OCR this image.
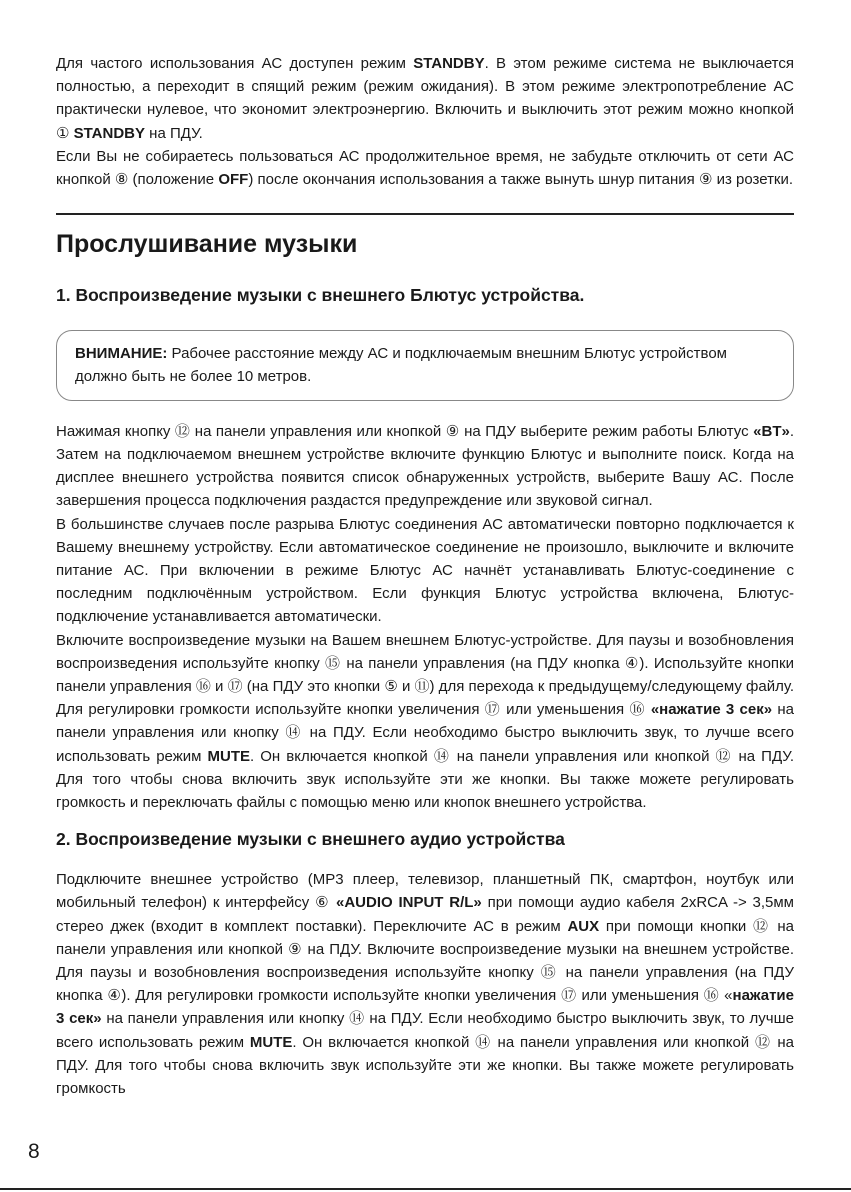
Для частого использования АС доступен режим STANDBY. В этом режиме система не выключается полностью, а переходит в спящий режим (режим ожидания). В этом режиме электропотребление АС практически нулевое, что экономит электроэнергию. Включить и выключить этот режим можно кнопкой ① STANDBY на ПДУ.

Если Вы не собираетесь пользоваться АС продолжительное время, не забудьте отключить от сети АС кнопкой ⑧ (положение OFF) после окончания использования а также вынуть шнур питания ⑨ из розетки.

Прослушивание музыки
1. Воспроизведение музыки с внешнего Блютус устройства.
ВНИМАНИЕ: Рабочее расстояние между АС и подключаемым внешним Блютус устройством должно быть не более 10 метров.

Нажимая кнопку ⑫ на панели управления или кнопкой ⑨ на ПДУ выберите режим работы Блютус «BT». Затем на подключаемом внешнем устройстве включите функцию Блютус и выполните поиск. Когда на дисплее внешнего устройства появится список обнаруженных устройств, выберите Вашу АС. После завершения процесса подключения раздастся предупреждение или звуковой сигнал.

В большинстве случаев после разрыва Блютус соединения АС автоматически повторно подключается к Вашему внешнему устройству. Если автоматическое соединение не произошло, выключите и включите питание АС. При включении в режиме Блютус АС начнёт устанавливать Блютус-соединение с последним подключённым устройством. Если функция Блютус устройства включена, Блютус-подключение устанавливается автоматически.

Включите воспроизведение музыки на Вашем внешнем Блютус-устройстве. Для паузы и возобновления воспроизведения используйте кнопку ⑮ на панели управления (на ПДУ кнопка ④). Используйте кнопки панели управления ⑯ и ⑰ (на ПДУ это кнопки ⑤ и ⑪) для перехода к предыдущему/следующему файлу. Для регулировки громкости используйте кнопки увеличения ⑰ или уменьшения ⑯ «нажатие 3 сек» на панели управления или кнопку ⑭ на ПДУ. Если необходимо быстро выключить звук, то лучше всего использовать режим MUTE. Он включается кнопкой ⑭ на панели управления или кнопкой ⑫ на ПДУ. Для того чтобы снова включить звук используйте эти же кнопки. Вы также можете регулировать громкость и переключать файлы с помощью меню или кнопок внешнего устройства.

2. Воспроизведение музыки с внешнего аудио устройства

Подключите внешнее устройство (MP3 плеер, телевизор, планшетный ПК, смартфон, ноутбук или мобильный телефон) к интерфейсу ⑥ «AUDIO INPUT R/L» при помощи аудио кабеля 2xRCA -> 3,5мм стерео джек (входит в комплект поставки). Переключите АС в режим AUX при помощи кнопки ⑫ на панели управления или кнопкой ⑨ на ПДУ. Включите воспроизведение музыки на внешнем устройстве. Для паузы и возобновления воспроизведения используйте кнопку ⑮ на панели управления (на ПДУ кнопка ④). Для регулировки громкости используйте кнопки увеличения ⑰ или уменьшения ⑯ «нажатие 3 сек» на панели управления или кнопку ⑭ на ПДУ. Если необходимо быстро выключить звук, то лучше всего использовать режим MUTE. Он включается кнопкой ⑭ на панели управления или кнопкой ⑫ на ПДУ. Для того чтобы снова включить звук используйте эти же кнопки. Вы также можете регулировать громкость

8
